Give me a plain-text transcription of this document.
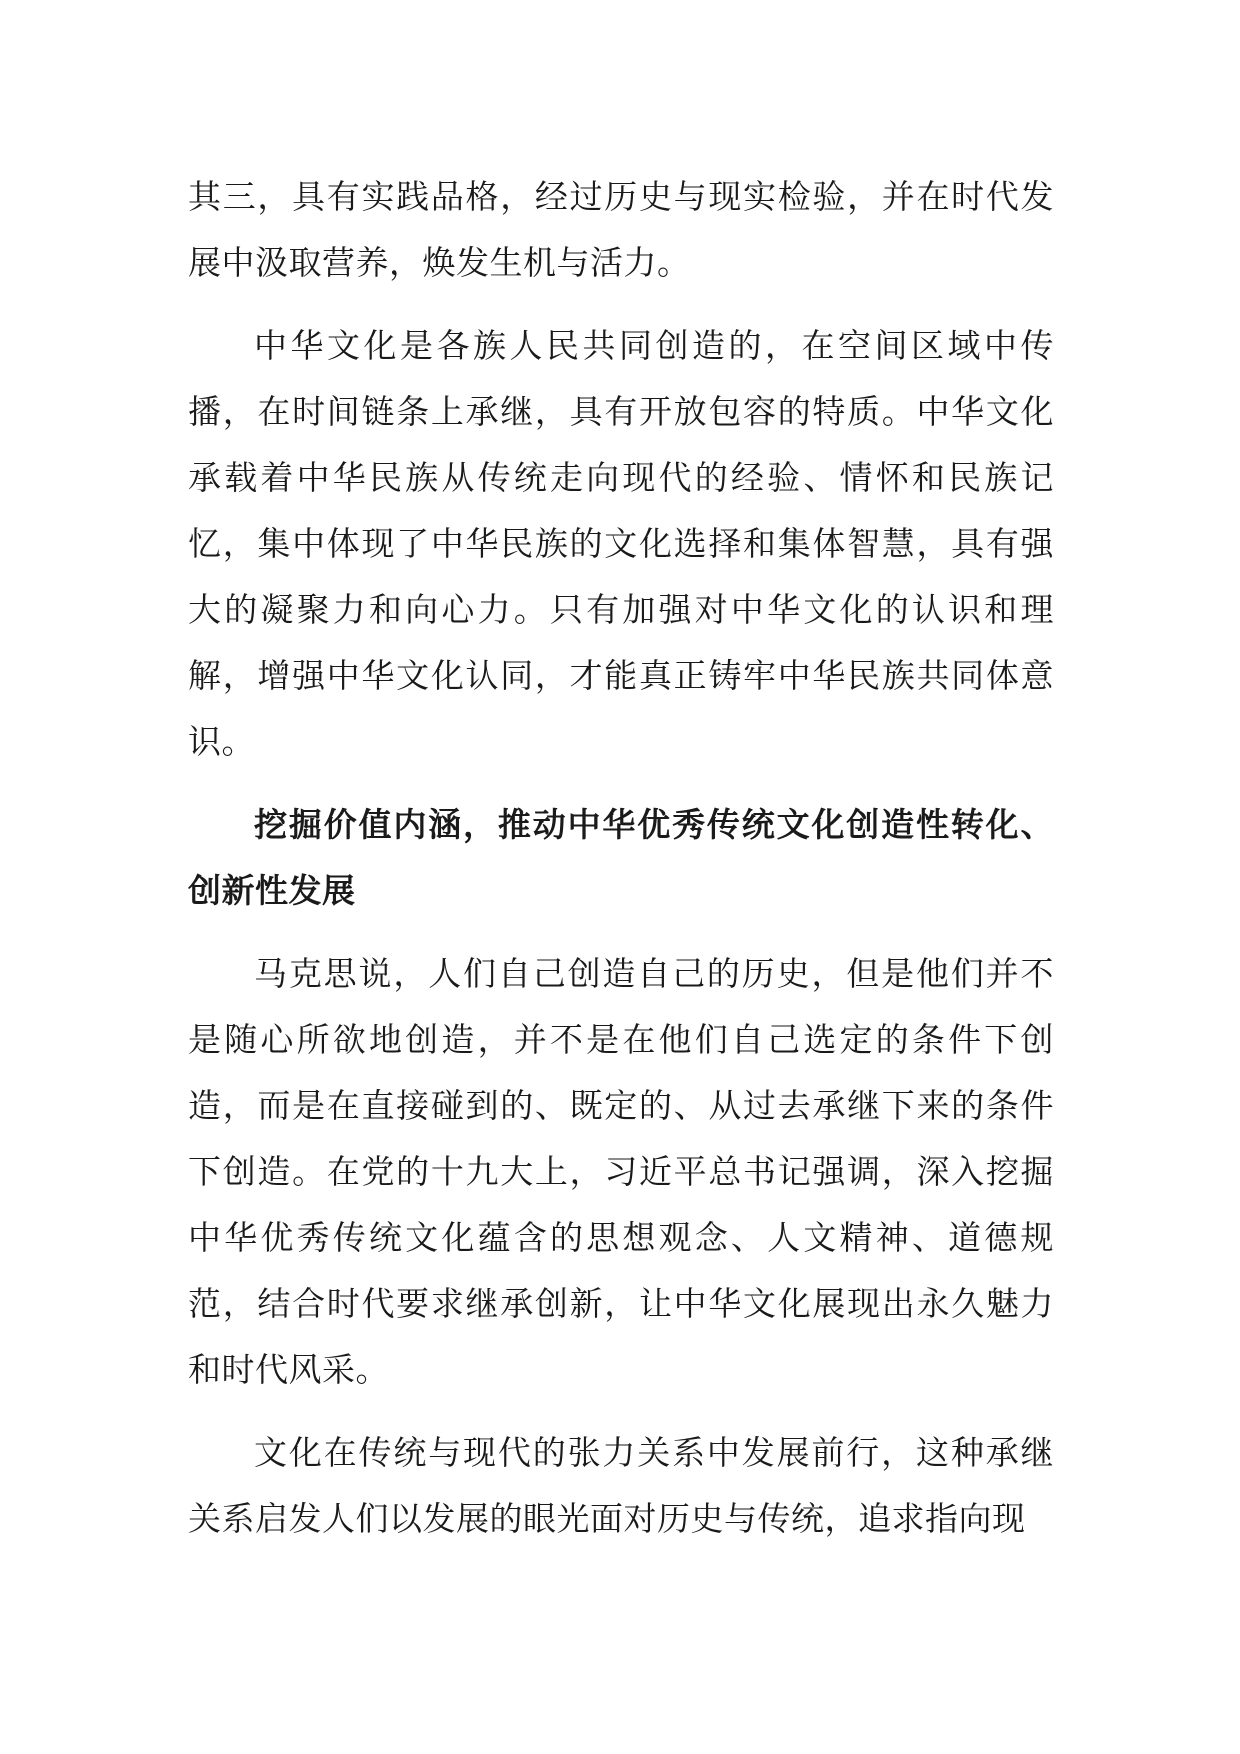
其三，具有实践品格，经过历史与现实检验，并在时代发展中汲取营养，焕发生机与活力。

中华文化是各族人民共同创造的，在空间区域中传播，在时间链条上承继，具有开放包容的特质。中华文化承载着中华民族从传统走向现代的经验、情怀和民族记忆，集中体现了中华民族的文化选择和集体智慧，具有强大的凝聚力和向心力。只有加强对中华文化的认识和理解，增强中华文化认同，才能真正铸牢中华民族共同体意识。

挖掘价值内涵，推动中华优秀传统文化创造性转化、创新性发展

马克思说，人们自己创造自己的历史，但是他们并不是随心所欲地创造，并不是在他们自己选定的条件下创造，而是在直接碰到的、既定的、从过去承继下来的条件下创造。在党的十九大上，习近平总书记强调，深入挖掘中华优秀传统文化蕴含的思想观念、人文精神、道德规范，结合时代要求继承创新，让中华文化展现出永久魅力和时代风采。

文化在传统与现代的张力关系中发展前行，这种承继关系启发人们以发展的眼光面对历史与传统，追求指向现
